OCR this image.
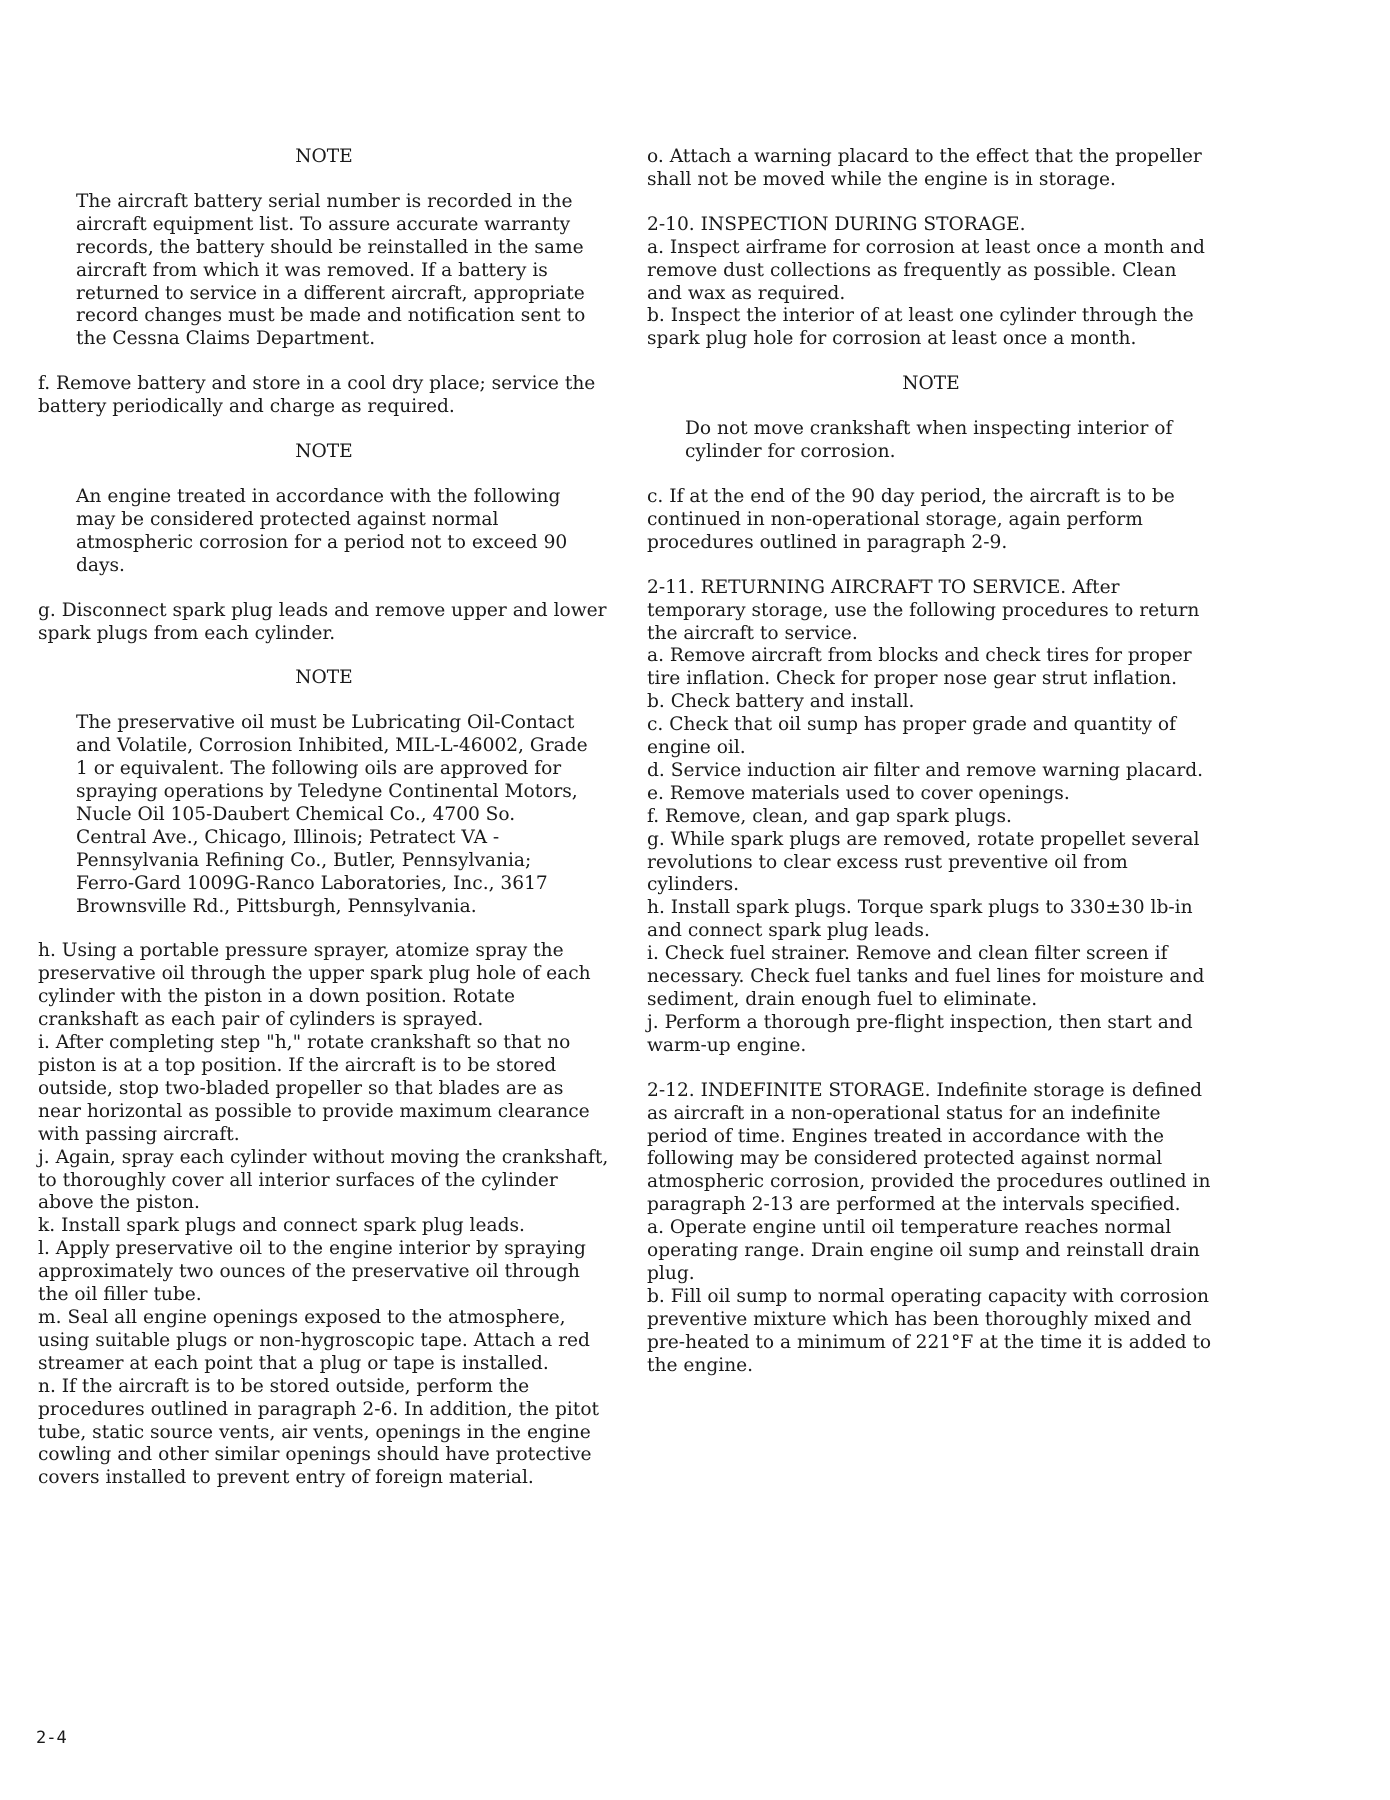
NOTE

The aircraft battery serial number is recorded in the aircraft equipment list. To assure accurate warranty records, the battery should be reinstalled in the same aircraft from which it was removed. If a battery is returned to service in a different aircraft, appropriate record changes must be made and notification sent to the Cessna Claims Department.

f. Remove battery and store in a cool dry place; service the battery periodically and charge as required.

NOTE

An engine treated in accordance with the following may be considered protected against normal atmospheric corrosion for a period not to exceed 90 days.

g. Disconnect spark plug leads and remove upper and lower spark plugs from each cylinder.

NOTE

The preservative oil must be Lubricating Oil-Contact and Volatile, Corrosion Inhibited, MIL-L-46002, Grade 1 or equivalent. The following oils are approved for spraying operations by Teledyne Continental Motors, Nucle Oil 105-Daubert Chemical Co., 4700 So. Central Ave., Chicago, Illinois; Petratect VA - Pennsylvania Refining Co., Butler, Pennsylvania; Ferro-Gard 1009G-Ranco Laboratories, Inc., 3617 Brownsville Rd., Pittsburgh, Pennsylvania.

h. Using a portable pressure sprayer, atomize spray the preservative oil through the upper spark plug hole of each cylinder with the piston in a down position. Rotate crankshaft as each pair of cylinders is sprayed.

i. After completing step "h," rotate crankshaft so that no piston is at a top position. If the aircraft is to be stored outside, stop two-bladed propeller so that blades are as near horizontal as possible to provide maximum clearance with passing aircraft.

j. Again, spray each cylinder without moving the crankshaft, to thoroughly cover all interior surfaces of the cylinder above the piston.

k. Install spark plugs and connect spark plug leads.

l. Apply preservative oil to the engine interior by spraying approximately two ounces of the preservative oil through the oil filler tube.

m. Seal all engine openings exposed to the atmosphere, using suitable plugs or non-hygroscopic tape. Attach a red streamer at each point that a plug or tape is installed.

n. If the aircraft is to be stored outside, perform the procedures outlined in paragraph 2-6. In addition, the pitot tube, static source vents, air vents, openings in the engine cowling and other similar openings should have protective covers installed to prevent entry of foreign material.

o. Attach a warning placard to the effect that the propeller shall not be moved while the engine is in storage.

2-10. INSPECTION DURING STORAGE.

a. Inspect airframe for corrosion at least once a month and remove dust collections as frequently as possible. Clean and wax as required.

b. Inspect the interior of at least one cylinder through the spark plug hole for corrosion at least once a month.

NOTE

Do not move crankshaft when inspecting interior of cylinder for corrosion.

c. If at the end of the 90 day period, the aircraft is to be continued in non-operational storage, again perform procedures outlined in paragraph 2-9.

2-11. RETURNING AIRCRAFT TO SERVICE. After temporary storage, use the following procedures to return the aircraft to service.

a. Remove aircraft from blocks and check tires for proper tire inflation. Check for proper nose gear strut inflation.

b. Check battery and install.

c. Check that oil sump has proper grade and quantity of engine oil.

d. Service induction air filter and remove warning placard.

e. Remove materials used to cover openings.

f. Remove, clean, and gap spark plugs.

g. While spark plugs are removed, rotate propellet several revolutions to clear excess rust preventive oil from cylinders.

h. Install spark plugs. Torque spark plugs to 330±30 lb-in and connect spark plug leads.

i. Check fuel strainer. Remove and clean filter screen if necessary. Check fuel tanks and fuel lines for moisture and sediment, drain enough fuel to eliminate.

j. Perform a thorough pre-flight inspection, then start and warm-up engine.

2-12. INDEFINITE STORAGE. Indefinite storage is defined as aircraft in a non-operational status for an indefinite period of time. Engines treated in accordance with the following may be considered protected against normal atmospheric corrosion, provided the procedures outlined in paragraph 2-13 are performed at the intervals specified.

a. Operate engine until oil temperature reaches normal operating range. Drain engine oil sump and reinstall drain plug.

b. Fill oil sump to normal operating capacity with corrosion preventive mixture which has been thoroughly mixed and pre-heated to a minimum of 221°F at the time it is added to the engine.

2-4
